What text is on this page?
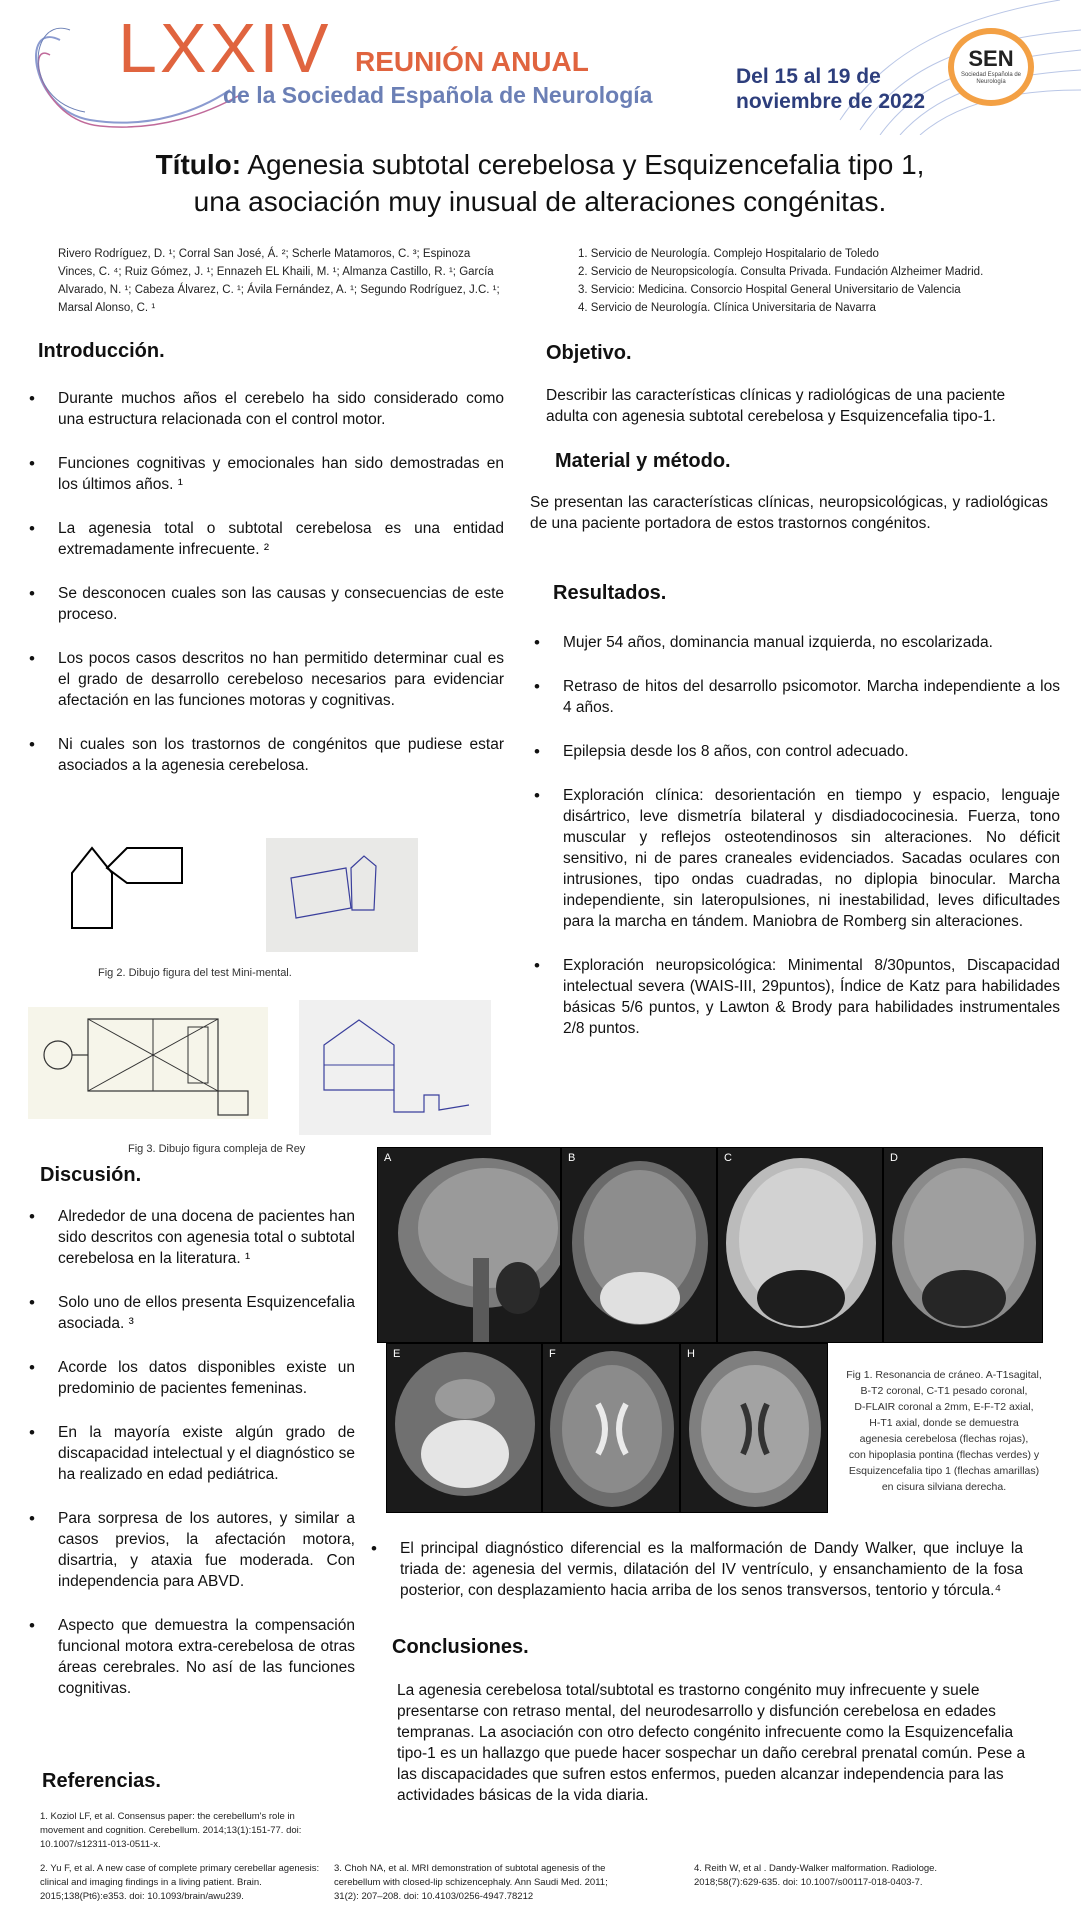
LXXIV REUNIÓN ANUAL
de la Sociedad Española de Neurología
Del 15 al 19 de
noviembre de 2022
SEN
Sociedad Española de Neurología
Título: Agenesia subtotal cerebelosa y Esquizencefalia tipo 1,
una asociación muy inusual de alteraciones congénitas.
Rivero Rodríguez, D. ¹; Corral San José, Á. ²; Scherle Matamoros, C. ³; Espinoza
Vinces, C. ⁴; Ruiz Gómez, J. ¹; Ennazeh EL Khaili, M. ¹; Almanza Castillo, R. ¹; García
Alvarado, N. ¹; Cabeza Álvarez, C. ¹; Ávila Fernández, A. ¹; Segundo Rodríguez, J.C. ¹;
Marsal Alonso, C. ¹
1. Servicio de Neurología. Complejo Hospitalario de Toledo
2. Servicio de Neuropsicología. Consulta Privada. Fundación Alzheimer Madrid.
3. Servicio: Medicina. Consorcio Hospital General Universitario de Valencia
4. Servicio de Neurología. Clínica Universitaria de Navarra
Introducción.
• Durante muchos años el cerebelo ha sido considerado como una estructura relacionada con el control motor.
• Funciones cognitivas y emocionales han sido demostradas en los últimos años. ¹
• La agenesia total o subtotal cerebelosa es una entidad extremadamente infrecuente. ²
• Se desconocen cuales son las causas y consecuencias de este proceso.
• Los pocos casos descritos no han permitido determinar cual es el grado de desarrollo cerebeloso necesarios para evidenciar afectación en las funciones motoras y cognitivas.
• Ni cuales son los trastornos de congénitos que pudiese estar asociados a la agenesia cerebelosa.
Fig 2. Dibujo figura del test Mini-mental.
Fig 3. Dibujo figura compleja de Rey
Objetivo.
Describir las características clínicas y radiológicas de una paciente adulta con agenesia subtotal cerebelosa y Esquizencefalia tipo-1.
Material y método.
Se presentan las características clínicas, neuropsicológicas, y radiológicas de una paciente portadora de estos trastornos congénitos.
Resultados.
• Mujer 54 años, dominancia manual izquierda, no escolarizada.
• Retraso de hitos del desarrollo psicomotor. Marcha independiente a los 4 años.
• Epilepsia desde los 8 años, con control adecuado.
• Exploración clínica: desorientación en tiempo y espacio, lenguaje disártrico, leve dismetría bilateral y disdiadococinesia. Fuerza, tono muscular y reflejos osteotendinosos sin alteraciones. No déficit sensitivo, ni de pares craneales evidenciados. Sacadas oculares con intrusiones, tipo ondas cuadradas, no diplopia binocular. Marcha independiente, sin lateropulsiones, ni inestabilidad, leves dificultades para la marcha en tándem. Maniobra de Romberg sin alteraciones.
• Exploración neuropsicológica: Minimental 8/30puntos, Discapacidad intelectual severa (WAIS-III, 29puntos), Índice de Katz para habilidades básicas 5/6 puntos, y Lawton & Brody para habilidades instrumentales 2/8 puntos.
A	B	C	D
E	F	H
Fig 1. Resonancia de cráneo. A-T1sagital,
B-T2 coronal, C-T1 pesado coronal,
D-FLAIR coronal a 2mm, E-F-T2 axial,
H-T1 axial, donde se demuestra
agenesia cerebelosa (flechas rojas),
con hipoplasia pontina (flechas verdes) y
Esquizencefalia tipo 1 (flechas amarillas)
en cisura silviana derecha.
Discusión.
• Alrededor de una docena de pacientes han sido descritos con agenesia total o subtotal cerebelosa en la literatura. ¹
• Solo uno de ellos presenta Esquizencefalia asociada. ³
• Acorde los datos disponibles existe un predominio de pacientes femeninas.
• En la mayoría existe algún grado de discapacidad intelectual y el diagnóstico se ha realizado en edad pediátrica.
• Para sorpresa de los autores, y similar a casos previos, la afectación motora, disartria, y ataxia fue moderada. Con independencia para ABVD.
• Aspecto que demuestra la compensación funcional motora extra-cerebelosa de otras áreas cerebrales. No así de las funciones cognitivas.
• El principal diagnóstico diferencial es la malformación de Dandy Walker, que incluye la triada de: agenesia del vermis, dilatación del IV ventrículo, y ensanchamiento de la fosa posterior, con desplazamiento hacia arriba de los senos transversos, tentorio y tórcula.⁴
Conclusiones.
La agenesia cerebelosa total/subtotal es trastorno congénito muy infrecuente y suele presentarse con retraso mental, del neurodesarrollo y disfunción cerebelosa en edades tempranas. La asociación con otro defecto congénito infrecuente como la Esquizencefalia tipo-1 es un hallazgo que puede hacer sospechar un daño cerebral prenatal común. Pese a las discapacidades que sufren estos enfermos, pueden alcanzar independencia para las actividades básicas de la vida diaria.
Referencias.
1. Koziol LF, et al. Consensus paper: the cerebellum's role in movement and cognition. Cerebellum. 2014;13(1):151-77. doi: 10.1007/s12311-013-0511-x.
2. Yu F, et al. A new case of complete primary cerebellar agenesis: clinical and imaging findings in a living patient. Brain. 2015;138(Pt6):e353. doi: 10.1093/brain/awu239.
3. Choh NA, et al. MRI demonstration of subtotal agenesis of the cerebellum with closed-lip schizencephaly. Ann Saudi Med. 2011; 31(2): 207–208. doi: 10.4103/0256-4947.78212
4. Reith W, et al . Dandy-Walker malformation. Radiologe. 2018;58(7):629-635. doi: 10.1007/s00117-018-0403-7.
